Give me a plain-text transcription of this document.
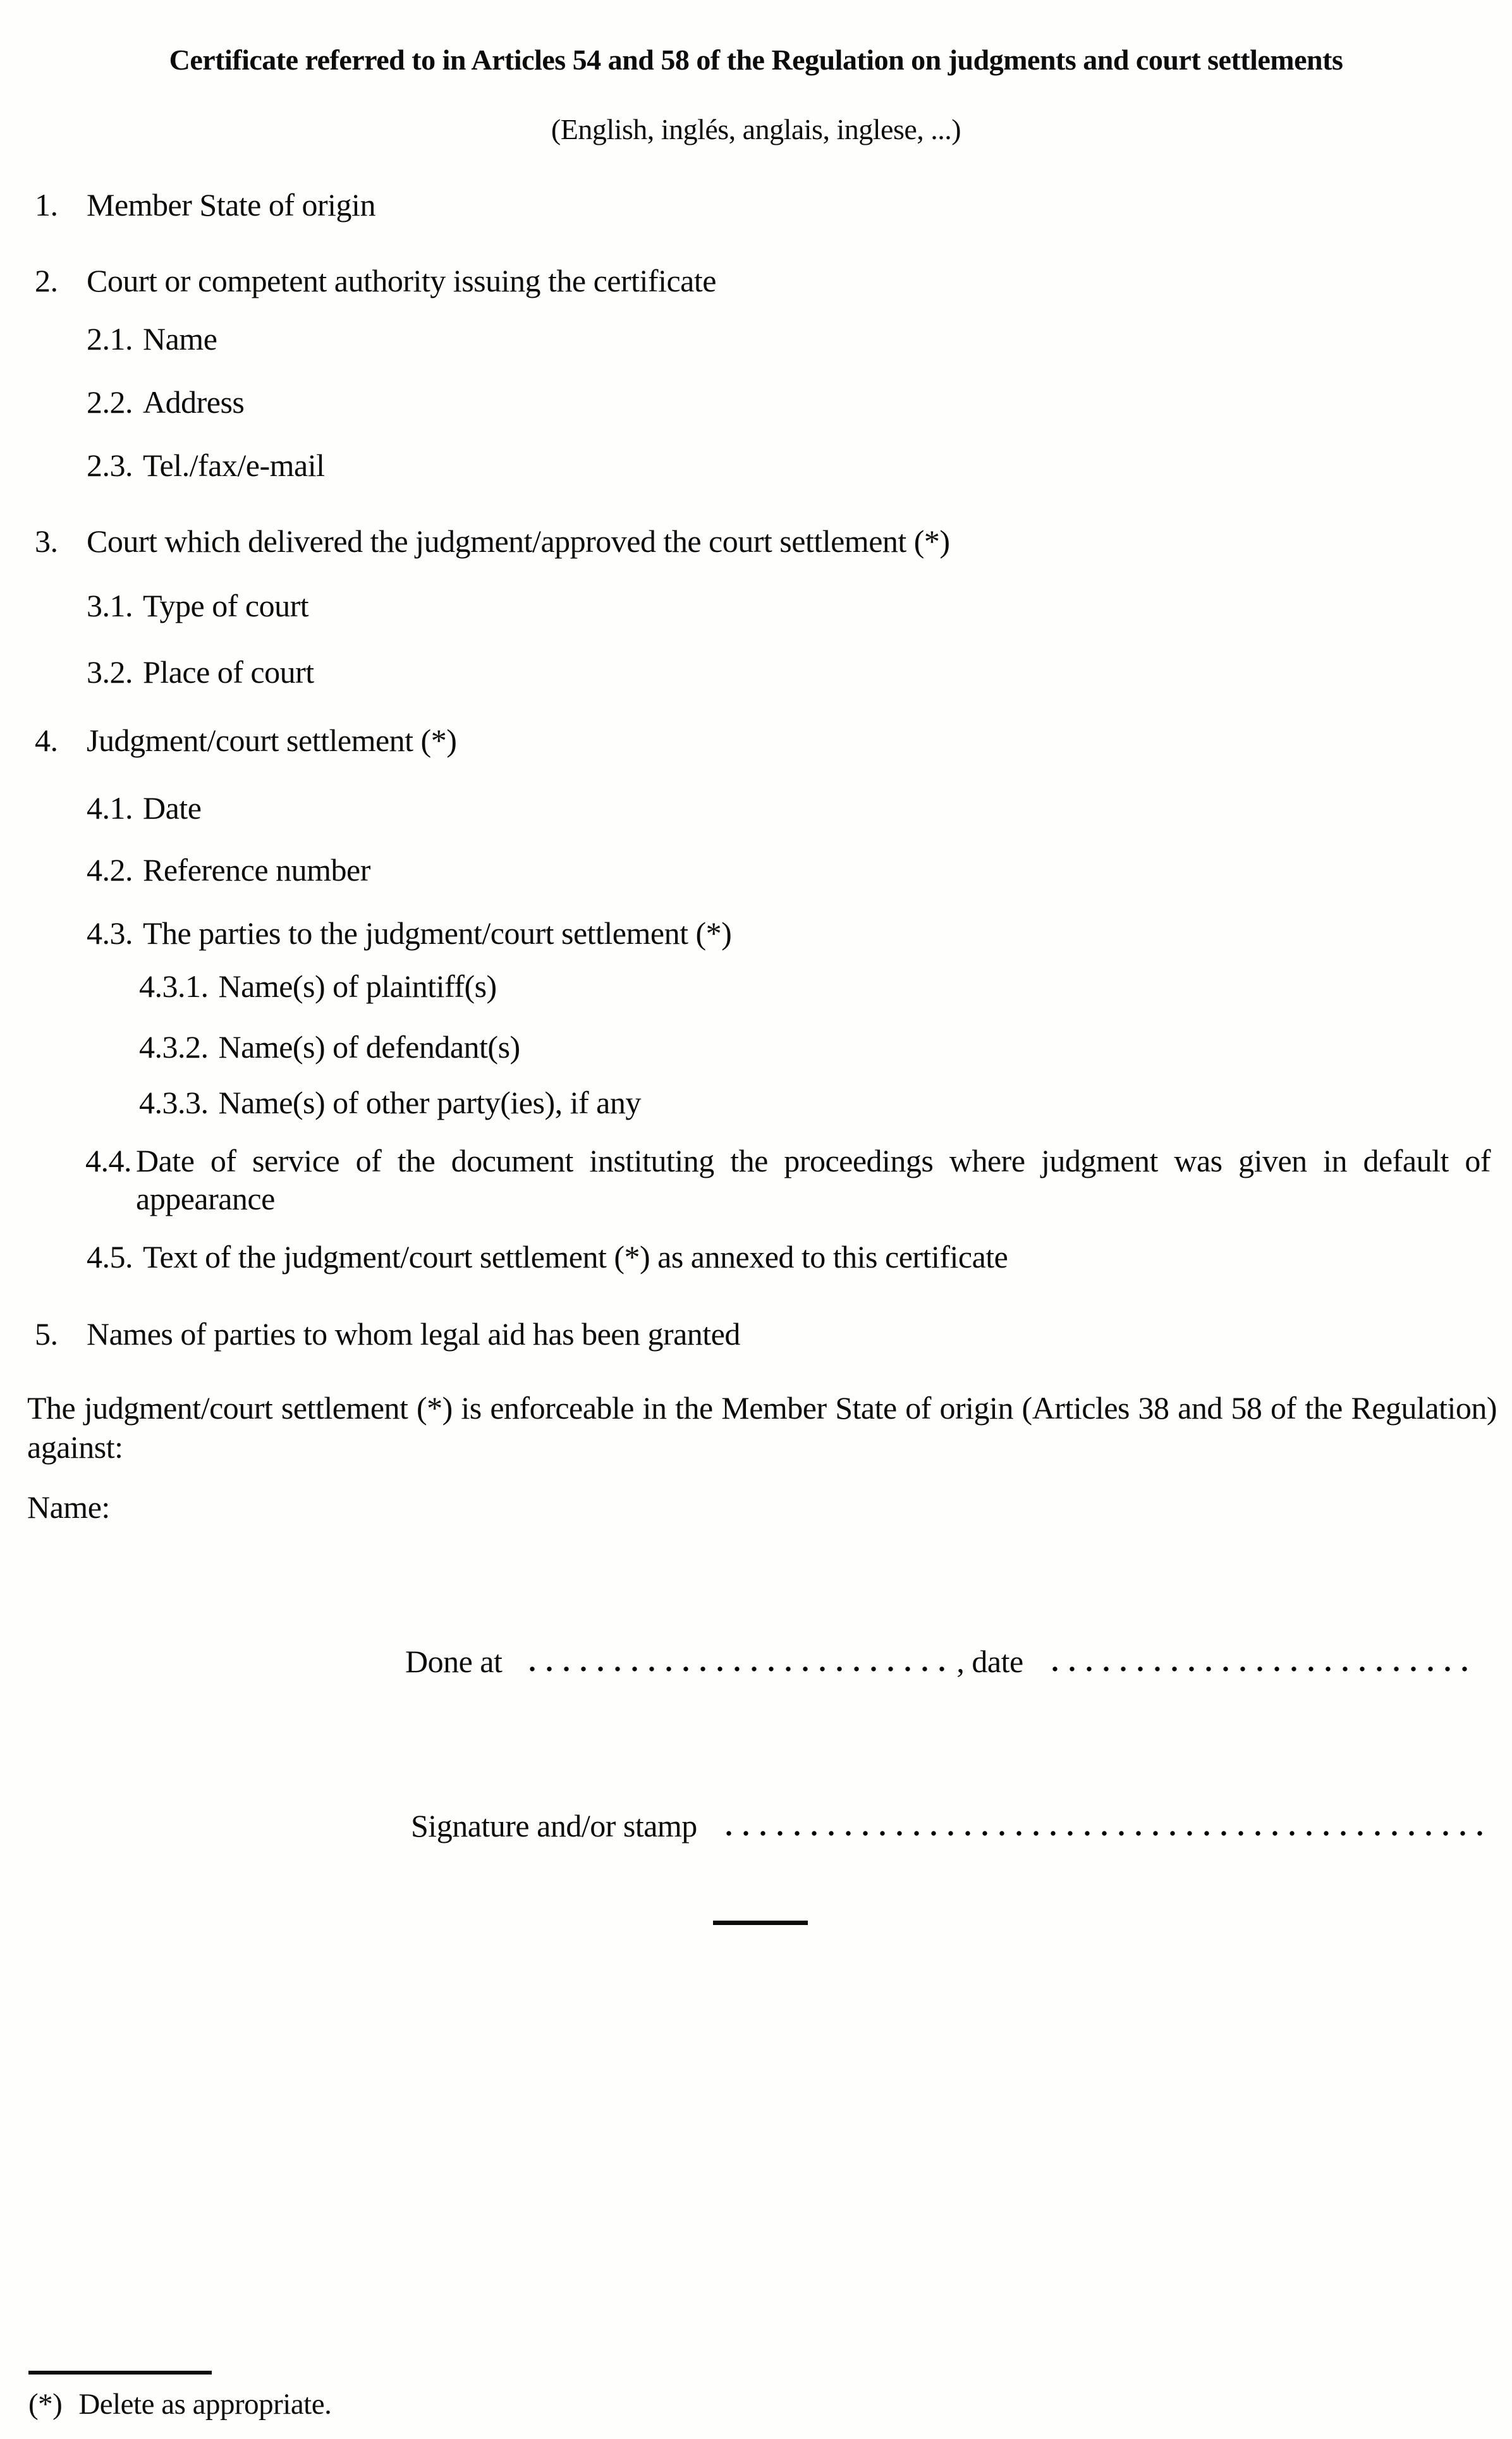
Certificate referred to in Articles 54 and 58 of the Regulation on judgments and court settlements
(English, inglés, anglais, inglese, ...)
1. Member State of origin
2. Court or competent authority issuing the certificate
2.1. Name
2.2. Address
2.3. Tel./fax/e-mail
3. Court which delivered the judgment/approved the court settlement (*)
3.1. Type of court
3.2. Place of court
4. Judgment/court settlement (*)
4.1. Date
4.2. Reference number
4.3. The parties to the judgment/court settlement (*)
4.3.1. Name(s) of plaintiff(s)
4.3.2. Name(s) of defendant(s)
4.3.3. Name(s) of other party(ies), if any
4.4. Date of service of the document instituting the proceedings where judgment was given in default of
appearance
4.5. Text of the judgment/court settlement (*) as annexed to this certificate
5. Names of parties to whom legal aid has been granted
The judgment/court settlement (*) is enforceable in the Member State of origin (Articles 38 and 58 of the Regulation)
against:
Name:
Done at	, date
Signature and/or stamp
(*) Delete as appropriate.
